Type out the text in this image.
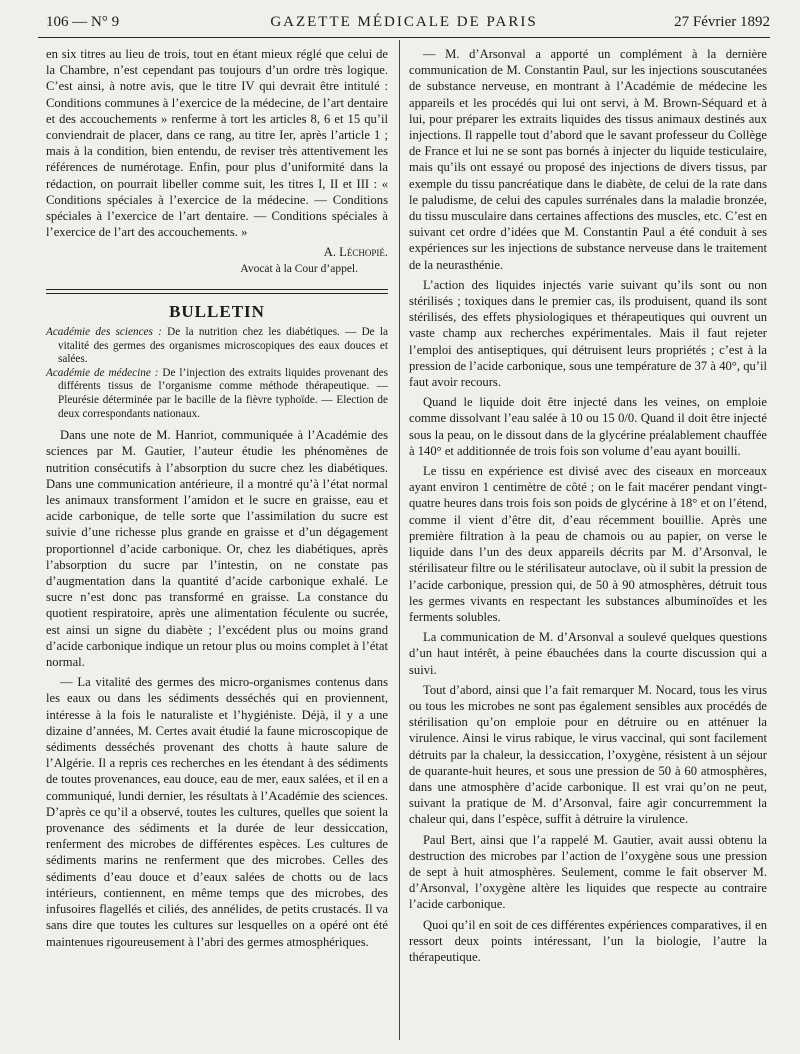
106 — N° 9	GAZETTE MÉDICALE DE PARIS	27 Février 1892

en six titres au lieu de trois, tout en étant mieux réglé que celui de la Chambre, n’est cependant pas toujours d’un ordre très logique. C’est ainsi, à notre avis, que le titre IV qui devrait être intitulé : Conditions communes à l’exercice de la médecine, de l’art dentaire et des accouchements » renferme à tort les articles 8, 6 et 15 qu’il conviendrait de placer, dans ce rang, au titre Ier, après l’article 1 ; mais à la condition, bien entendu, de reviser très attentivement les références de numérotage. Enfin, pour plus d’uniformité dans la rédaction, on pourrait libeller comme suit, les titres I, II et III : « Conditions spéciales à l’exercice de la médecine. — Conditions spéciales à l’exercice de l’art dentaire. — Conditions spéciales à l’exercice de l’art des accouchements. »

A. Léchopié.
Avocat à la Cour d’appel.
BULLETIN
Académie des sciences : De la nutrition chez les diabétiques. — De la vitalité des germes des organismes microscopiques des eaux douces et salées.
Académie de médecine : De l’injection des extraits liquides provenant des différents tissus de l’organisme comme méthode thérapeutique. — Pleurésie déterminée par le bacille de la fièvre typhoïde. — Election de deux correspondants nationaux.

Dans une note de M. Hanriot, communiquée à l’Académie des sciences par M. Gautier, l’auteur étudie les phénomènes de nutrition consécutifs à l’absorption du sucre chez les diabétiques. Dans une communication antérieure, il a montré qu’à l’état normal les animaux transforment l’amidon et le sucre en graisse, eau et acide carbonique, de telle sorte que l’assimilation du sucre est suivie d’une richesse plus grande en graisse et d’un dégagement proportionnel d’acide carbonique. Or, chez les diabétiques, après l’absorption du sucre par l’intestin, on ne constate pas d’augmentation dans la quantité d’acide carbonique exhalé. Le sucre n’est donc pas transformé en graisse. La constance du quotient respiratoire, après une alimentation féculente ou sucrée, est ainsi un signe du diabète ; l’excédent plus ou moins grand d’acide carbonique indique un retour plus ou moins complet à l’état normal.

— La vitalité des germes des micro-organismes contenus dans les eaux ou dans les sédiments desséchés qui en proviennent, intéresse à la fois le naturaliste et l’hygiéniste. Déjà, il y a une dizaine d’années, M. Certes avait étudié la faune microscopique de sédiments desséchés provenant des chotts à haute salure de l’Algérie. Il a repris ces recherches en les étendant à des sédiments de toutes provenances, eau douce, eau de mer, eaux salées, et il en a communiqué, lundi dernier, les résultats à l’Académie des sciences. D’après ce qu’il a observé, toutes les cultures, quelles que soient la provenance des sédiments et la durée de leur dessiccation, renferment des microbes de différentes espèces. Les cultures de sédiments marins ne renferment que des microbes. Celles des sédiments d’eau douce et d’eaux salées de chotts ou de lacs intérieurs, contiennent, en même temps que des microbes, des infusoires flagellés et ciliés, des annélides, de petits crustacés. Il va sans dire que toutes les cultures sur lesquelles on a opéré ont été maintenues rigoureusement à l’abri des germes atmosphériques.

— M. d’Arsonval a apporté un complément à la dernière communication de M. Constantin Paul, sur les injections souscutanées de substance nerveuse, en montrant à l’Académie de médecine les appareils et les procédés qui lui ont servi, à M. Brown-Séquard et à lui, pour préparer les extraits liquides des tissus animaux destinés aux injections. Il rappelle tout d’abord que le savant professeur du Collège de France et lui ne se sont pas bornés à injecter du liquide testiculaire, mais qu’ils ont essayé ou proposé des injections de divers tissus, par exemple du tissu pancréatique dans le diabète, de celui de la rate dans le paludisme, de celui des capules surrénales dans la maladie bronzée, du tissu musculaire dans certaines affections des muscles, etc. C’est en suivant cet ordre d’idées que M. Constantin Paul a été conduit à ses expériences sur les injections de substance nerveuse dans le traitement de la neurasthénie.

L’action des liquides injectés varie suivant qu’ils sont ou non stérilisés ; toxiques dans le premier cas, ils produisent, quand ils sont stérilisés, des effets physiologiques et thérapeutiques qui ouvrent un vaste champ aux recherches expérimentales. Mais il faut rejeter l’emploi des antiseptiques, qui détruisent leurs propriétés ; c’est à la pression de l’acide carbonique, sous une température de 37 à 40°, qu’il faut avoir recours.

Quand le liquide doit être injecté dans les veines, on emploie comme dissolvant l’eau salée à 10 ou 15 0/0. Quand il doit être injecté sous la peau, on le dissout dans de la glycérine préalablement chauffée à 140° et additionnée de trois fois son volume d’eau ayant bouilli.

Le tissu en expérience est divisé avec des ciseaux en morceaux ayant environ 1 centimètre de côté ; on le fait macérer pendant vingt-quatre heures dans trois fois son poids de glycérine à 18° et on l’étend, comme il vient d’être dit, d’eau récemment bouillie. Après une première filtration à la peau de chamois ou au papier, on verse le liquide dans l’un des deux appareils décrits par M. d’Arsonval, le stérilisateur filtre ou le stérilisateur autoclave, où il subit la pression de l’acide carbonique, pression qui, de 50 à 90 atmosphères, détruit tous les germes vivants en respectant les substances albuminoïdes et les ferments solubles.

La communication de M. d’Arsonval a soulevé quelques questions d’un haut intérêt, à peine ébauchées dans la courte discussion qui a suivi.

Tout d’abord, ainsi que l’a fait remarquer M. Nocard, tous les virus ou tous les microbes ne sont pas également sensibles aux procédés de stérilisation qu’on emploie pour en détruire ou en atténuer la virulence. Ainsi le virus rabique, le virus vaccinal, qui sont facilement détruits par la chaleur, la dessiccation, l’oxygène, résistent à un séjour de quarante-huit heures, et sous une pression de 50 à 60 atmosphères, dans une atmosphère d’acide carbonique. Il est vrai qu’on ne peut, suivant la pratique de M. d’Arsonval, faire agir concurremment la chaleur qui, dans l’espèce, suffit à détruire la virulence.

Paul Bert, ainsi que l’a rappelé M. Gautier, avait aussi obtenu la destruction des microbes par l’action de l’oxygène sous une pression de sept à huit atmosphères. Seulement, comme le fait observer M. d’Arsonval, l’oxygène altère les liquides que respecte au contraire l’acide carbonique.

Quoi qu’il en soit de ces différentes expériences comparatives, il en ressort deux points intéressant, l’un la biologie, l’autre la thérapeutique.
